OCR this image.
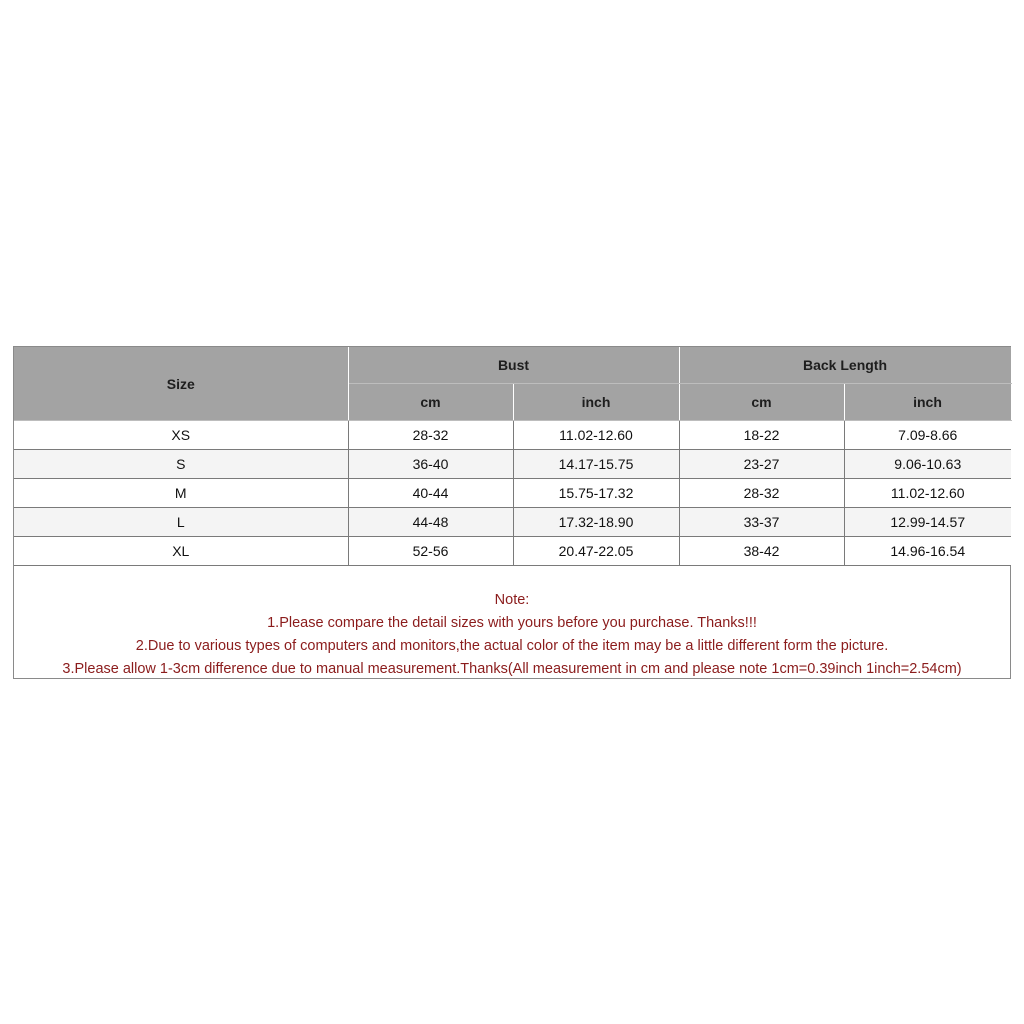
Size	Bust		Back Length	
	cm	inch	cm	inch
XS	28-32	11.02-12.60	18-22	7.09-8.66
S	36-40	14.17-15.75	23-27	9.06-10.63
M	40-44	15.75-17.32	28-32	11.02-12.60
L	44-48	17.32-18.90	33-37	12.99-14.57
XL	52-56	20.47-22.05	38-42	14.96-16.54
Note:
1.Please compare the detail sizes with yours before you purchase. Thanks!!!
2.Due to various types of computers and monitors,the actual color of the item may be a little different form the picture.
3.Please allow 1-3cm difference due to manual measurement.Thanks(All measurement in cm and please note 1cm=0.39inch 1inch=2.54cm)
